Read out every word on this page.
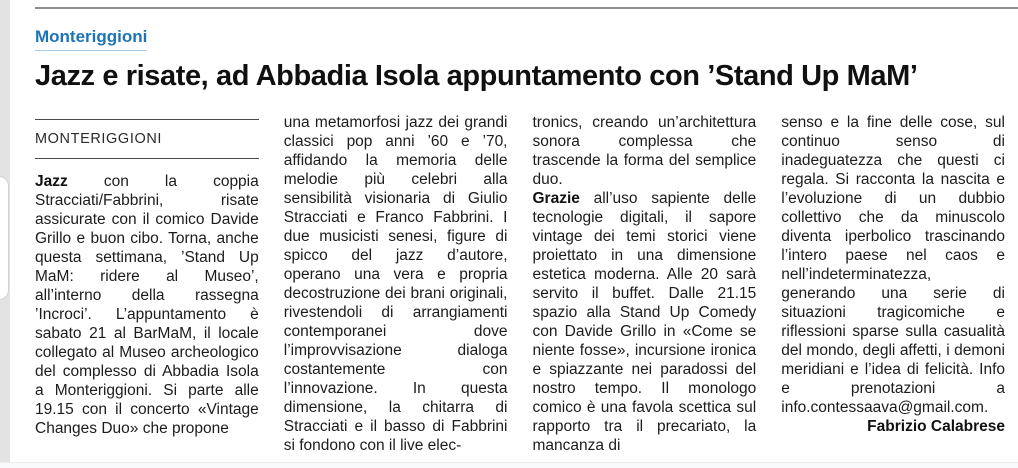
Monteriggioni
Jazz e risate, ad Abbadia Isola appuntamento con ’Stand Up MaM’
MONTERIGGIONI

Jazz con la coppia Stracciati/Fabbrini, risate assicurate con il comico Davide Grillo e buon cibo. Torna, anche questa settimana, ’Stand Up MaM: ridere al Museo’, all’interno della rassegna ’Incroci’. L’appuntamento è sabato 21 al BarMaM, il locale collegato al Museo archeologico del complesso di Abbadia Isola a Monteriggioni. Si parte alle 19.15 con il concerto «Vintage Changes Duo» che propone

una metamorfosi jazz dei grandi classici pop anni ’60 e ’70, affidando la memoria delle melodie più celebri alla sensibilità visionaria di Giulio Stracciati e Franco Fabbrini. I due musicisti senesi, figure di spicco del jazz d’autore, operano una vera e propria decostruzione dei brani originali, rivestendoli di arrangiamenti contemporanei dove l’improvvisazione dialoga costantemente con l’innovazione. In questa dimensione, la chitarra di Stracciati e il basso di Fabbrini si fondono con il live elec-

tronics, creando un’architettura sonora complessa che trascende la forma del semplice duo.

Grazie all’uso sapiente delle tecnologie digitali, il sapore vintage dei temi storici viene proiettato in una dimensione estetica moderna. Alle 20 sarà servito il buffet. Dalle 21.15 spazio alla Stand Up Comedy con Davide Grillo in «Come se niente fosse», incursione ironica e spiazzante nei paradossi del nostro tempo. Il monologo comico è una favola scettica sul rapporto tra il precariato, la mancanza di

senso e la fine delle cose, sul continuo senso di inadeguatezza che questi ci regala. Si racconta la nascita e l’evoluzione di un dubbio collettivo che da minuscolo diventa iperbolico trascinando l’intero paese nel caos e nell’indeterminatezza, generando una serie di situazioni tragicomiche e riflessioni sparse sulla casualità del mondo, degli affetti, i demoni meridiani e l’idea di felicità. Info e prenotazioni a info.contessaava@gmail.com.

Fabrizio Calabrese
